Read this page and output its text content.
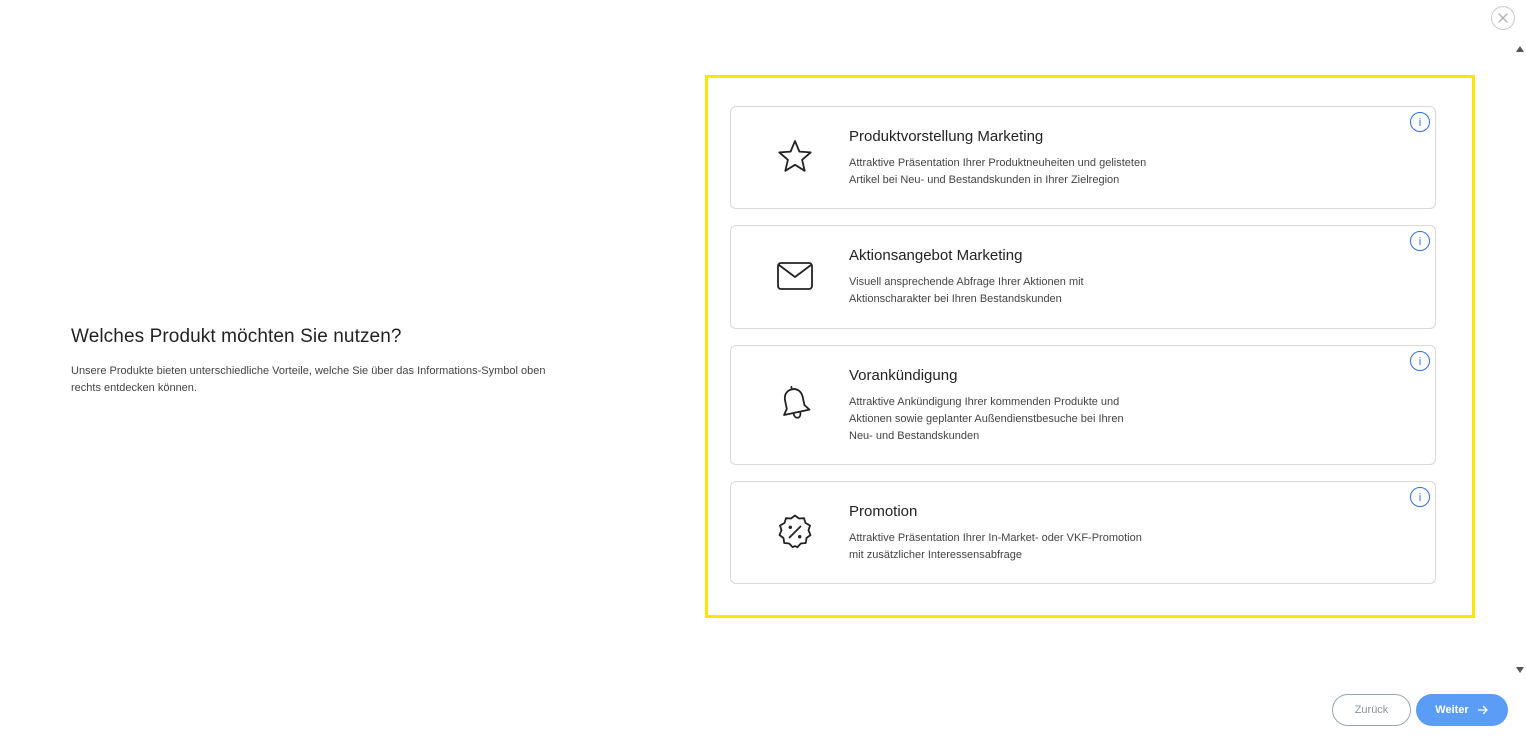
Welches Produkt möchten Sie nutzen?

Unsere Produkte bieten unterschiedliche Vorteile, welche Sie über das Informations-Symbol oben rechts entdecken können.

Produktvorstellung Marketing
Attraktive Präsentation Ihrer Produktneuheiten und gelisteten
Artikel bei Neu- und Bestandskunden in Ihrer Zielregion
i
Aktionsangebot Marketing
Visuell ansprechende Abfrage Ihrer Aktionen mit
Aktionscharakter bei Ihren Bestandskunden
i
Vorankündigung
Attraktive Ankündigung Ihrer kommenden Produkte und
Aktionen sowie geplanter Außendienstbesuche bei Ihren
Neu- und Bestandskunden
i
Promotion
Attraktive Präsentation Ihrer In-Market- oder VKF-Promotion
mit zusätzlicher Interessensabfrage
i
Zurück	Weiter
